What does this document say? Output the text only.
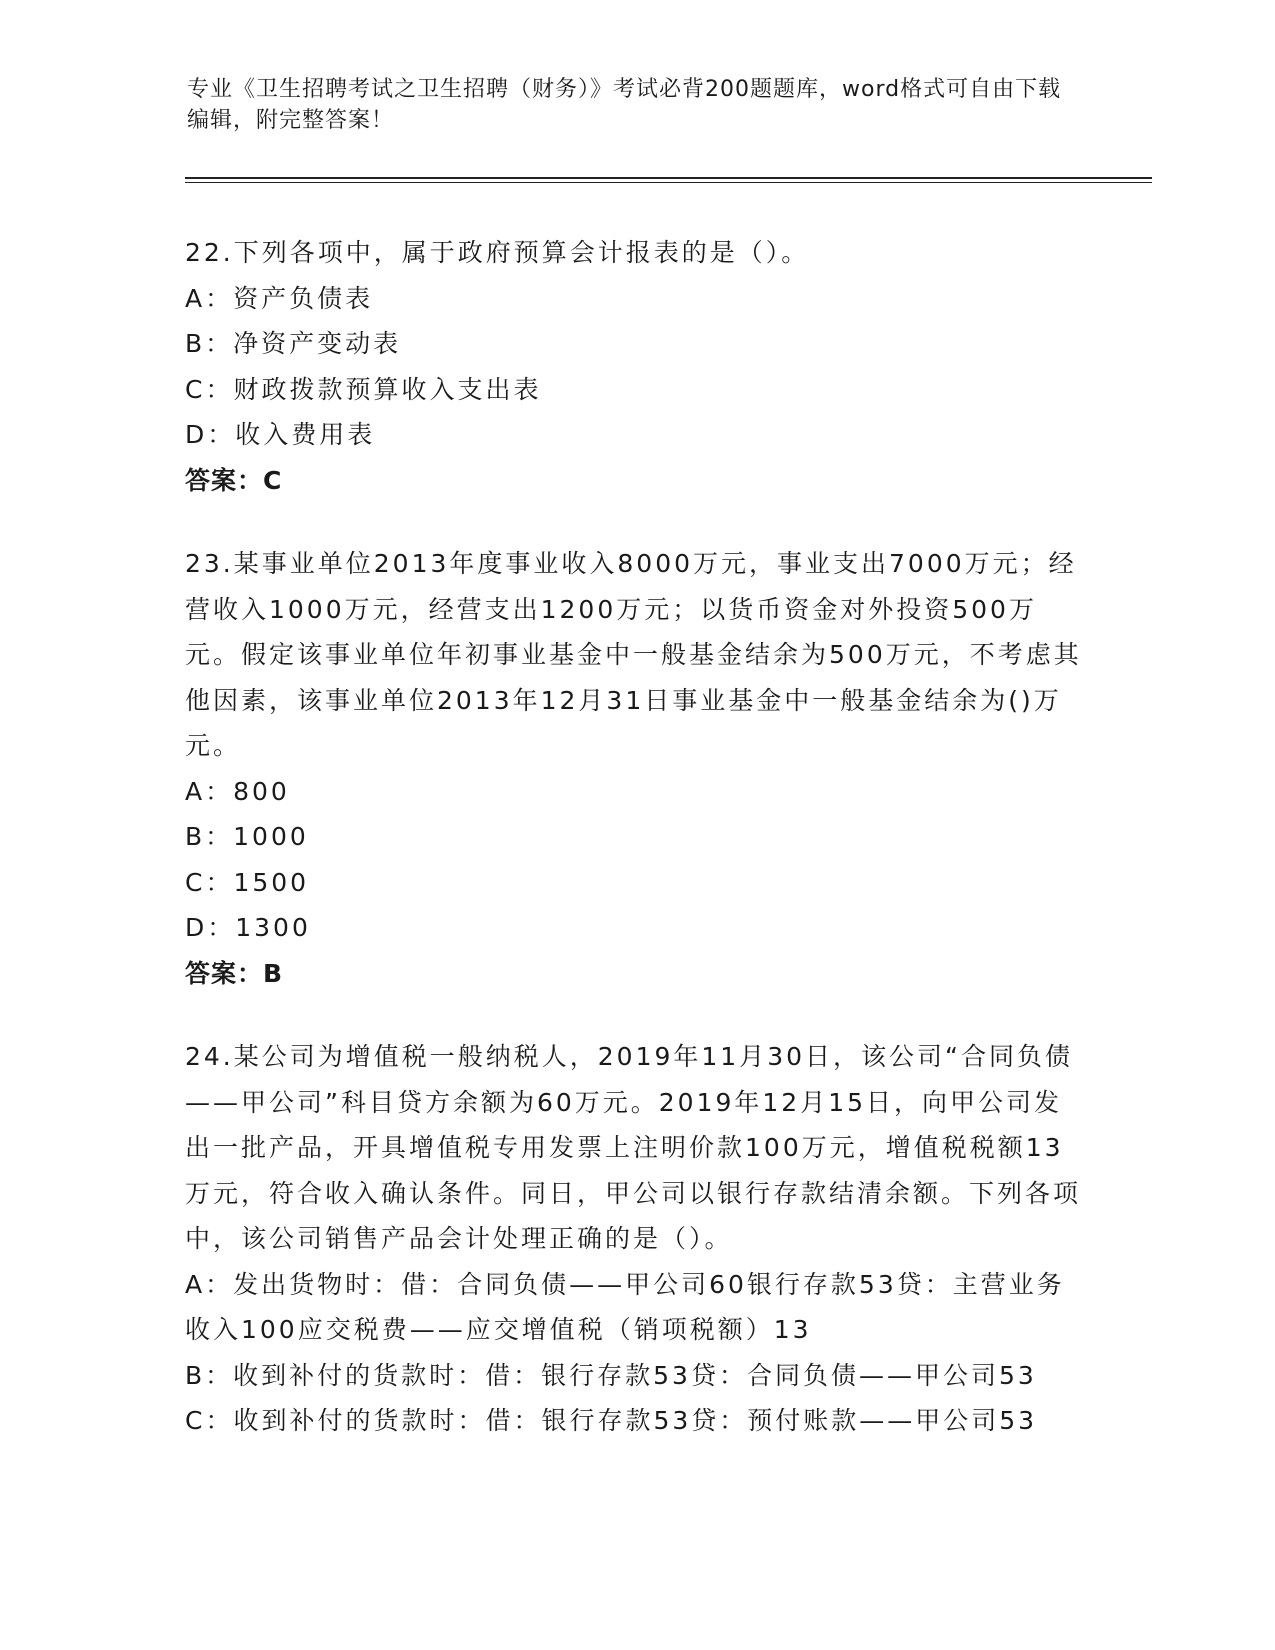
专业《卫生招聘考试之卫生招聘（财务）》考试必背200题题库，word格式可自由下载编辑，附完整答案！
22.下列各项中，属于政府预算会计报表的是（）。
A：资产负债表
B：净资产变动表
C：财政拨款预算收入支出表
D：收入费用表
答案：C
23.某事业单位2013年度事业收入8000万元，事业支出7000万元；经营收入1000万元，经营支出1200万元；以货币资金对外投资500万元。假定该事业单位年初事业基金中一般基金结余为500万元，不考虑其他因素，该事业单位2013年12月31日事业基金中一般基金结余为()万元。
A：800
B：1000
C：1500
D：1300
答案：B
24.某公司为增值税一般纳税人，2019年11月30日，该公司“合同负债——甲公司”科目贷方余额为60万元。2019年12月15日，向甲公司发出一批产品，开具增值税专用发票上注明价款100万元，增值税税额13万元，符合收入确认条件。同日，甲公司以银行存款结清余额。下列各项中，该公司销售产品会计处理正确的是（）。
A：发出货物时：借：合同负债——甲公司60银行存款53贷：主营业务收入100应交税费——应交增值税（销项税额）13
B：收到补付的货款时：借：银行存款53贷：合同负债——甲公司53
C：收到补付的货款时：借：银行存款53贷：预付账款——甲公司53
